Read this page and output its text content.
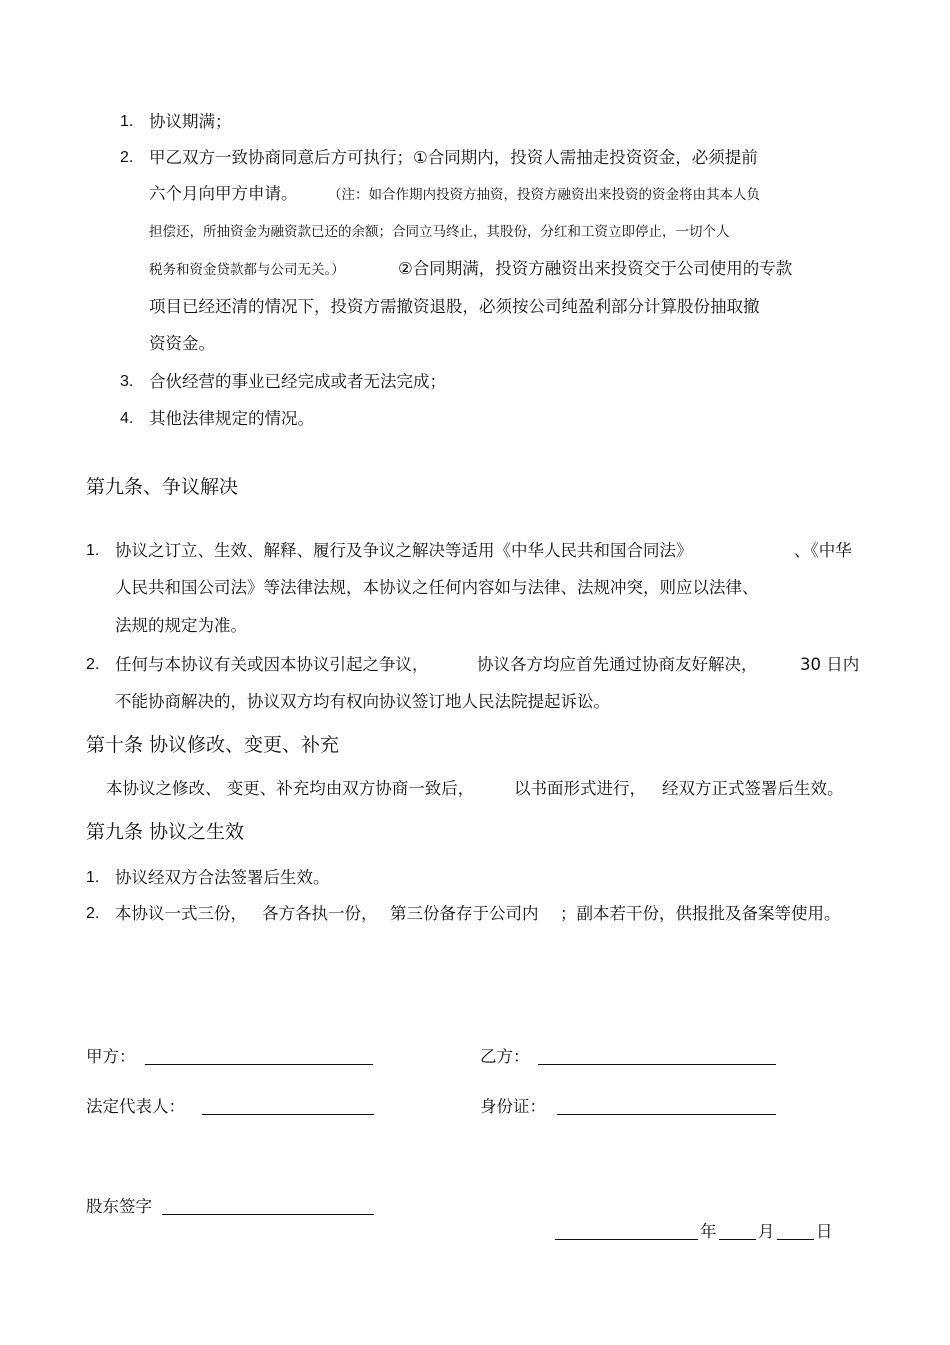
1. 协议期满；
2. 甲乙双方一致协商同意后方可执行；①合同期内，投资人需抽走投资资金，必须提前
六个月向甲方申请。 （注：如合作期内投资方抽资，投资方融资出来投资的资金将由其本人负
担偿还，所抽资金为融资款已还的余额；合同立马终止，其股份，分红和工资立即停止，一切个人
税务和资金贷款都与公司无关。）	②合同期满，投资方融资出来投资交于公司使用的专款
项目已经还清的情况下，投资方需撤资退股，必须按公司纯盈利部分计算股份抽取撤
资资金。
3. 合伙经营的事业已经完成或者无法完成；
4. 其他法律规定的情况。
第九条、争议解决
1. 协议之订立、生效、解释、履行及争议之解决等适用《中华人民共和国合同法》	、《中华
人民共和国公司法》等法律法规，本协议之任何内容如与法律、法规冲突，则应以法律、
法规的规定为准。
2. 任何与本协议有关或因本协议引起之争议，	协议各方均应首先通过协商友好解决，	30 日内
不能协商解决的，协议双方均有权向协议签订地人民法院提起诉讼。
第十条 协议修改、变更、补充
本协议之修改、 变更、补充均由双方协商一致后， 以书面形式进行， 经双方正式签署后生效。
第九条 协议之生效
1. 协议经双方合法签署后生效。
2. 本协议一式三份， 各方各执一份， 第三份备存于公司内 ；副本若干份，供报批及备案等使用。
甲方：	乙方：
法定代表人：	身份证：
股东签字
年	月	日
